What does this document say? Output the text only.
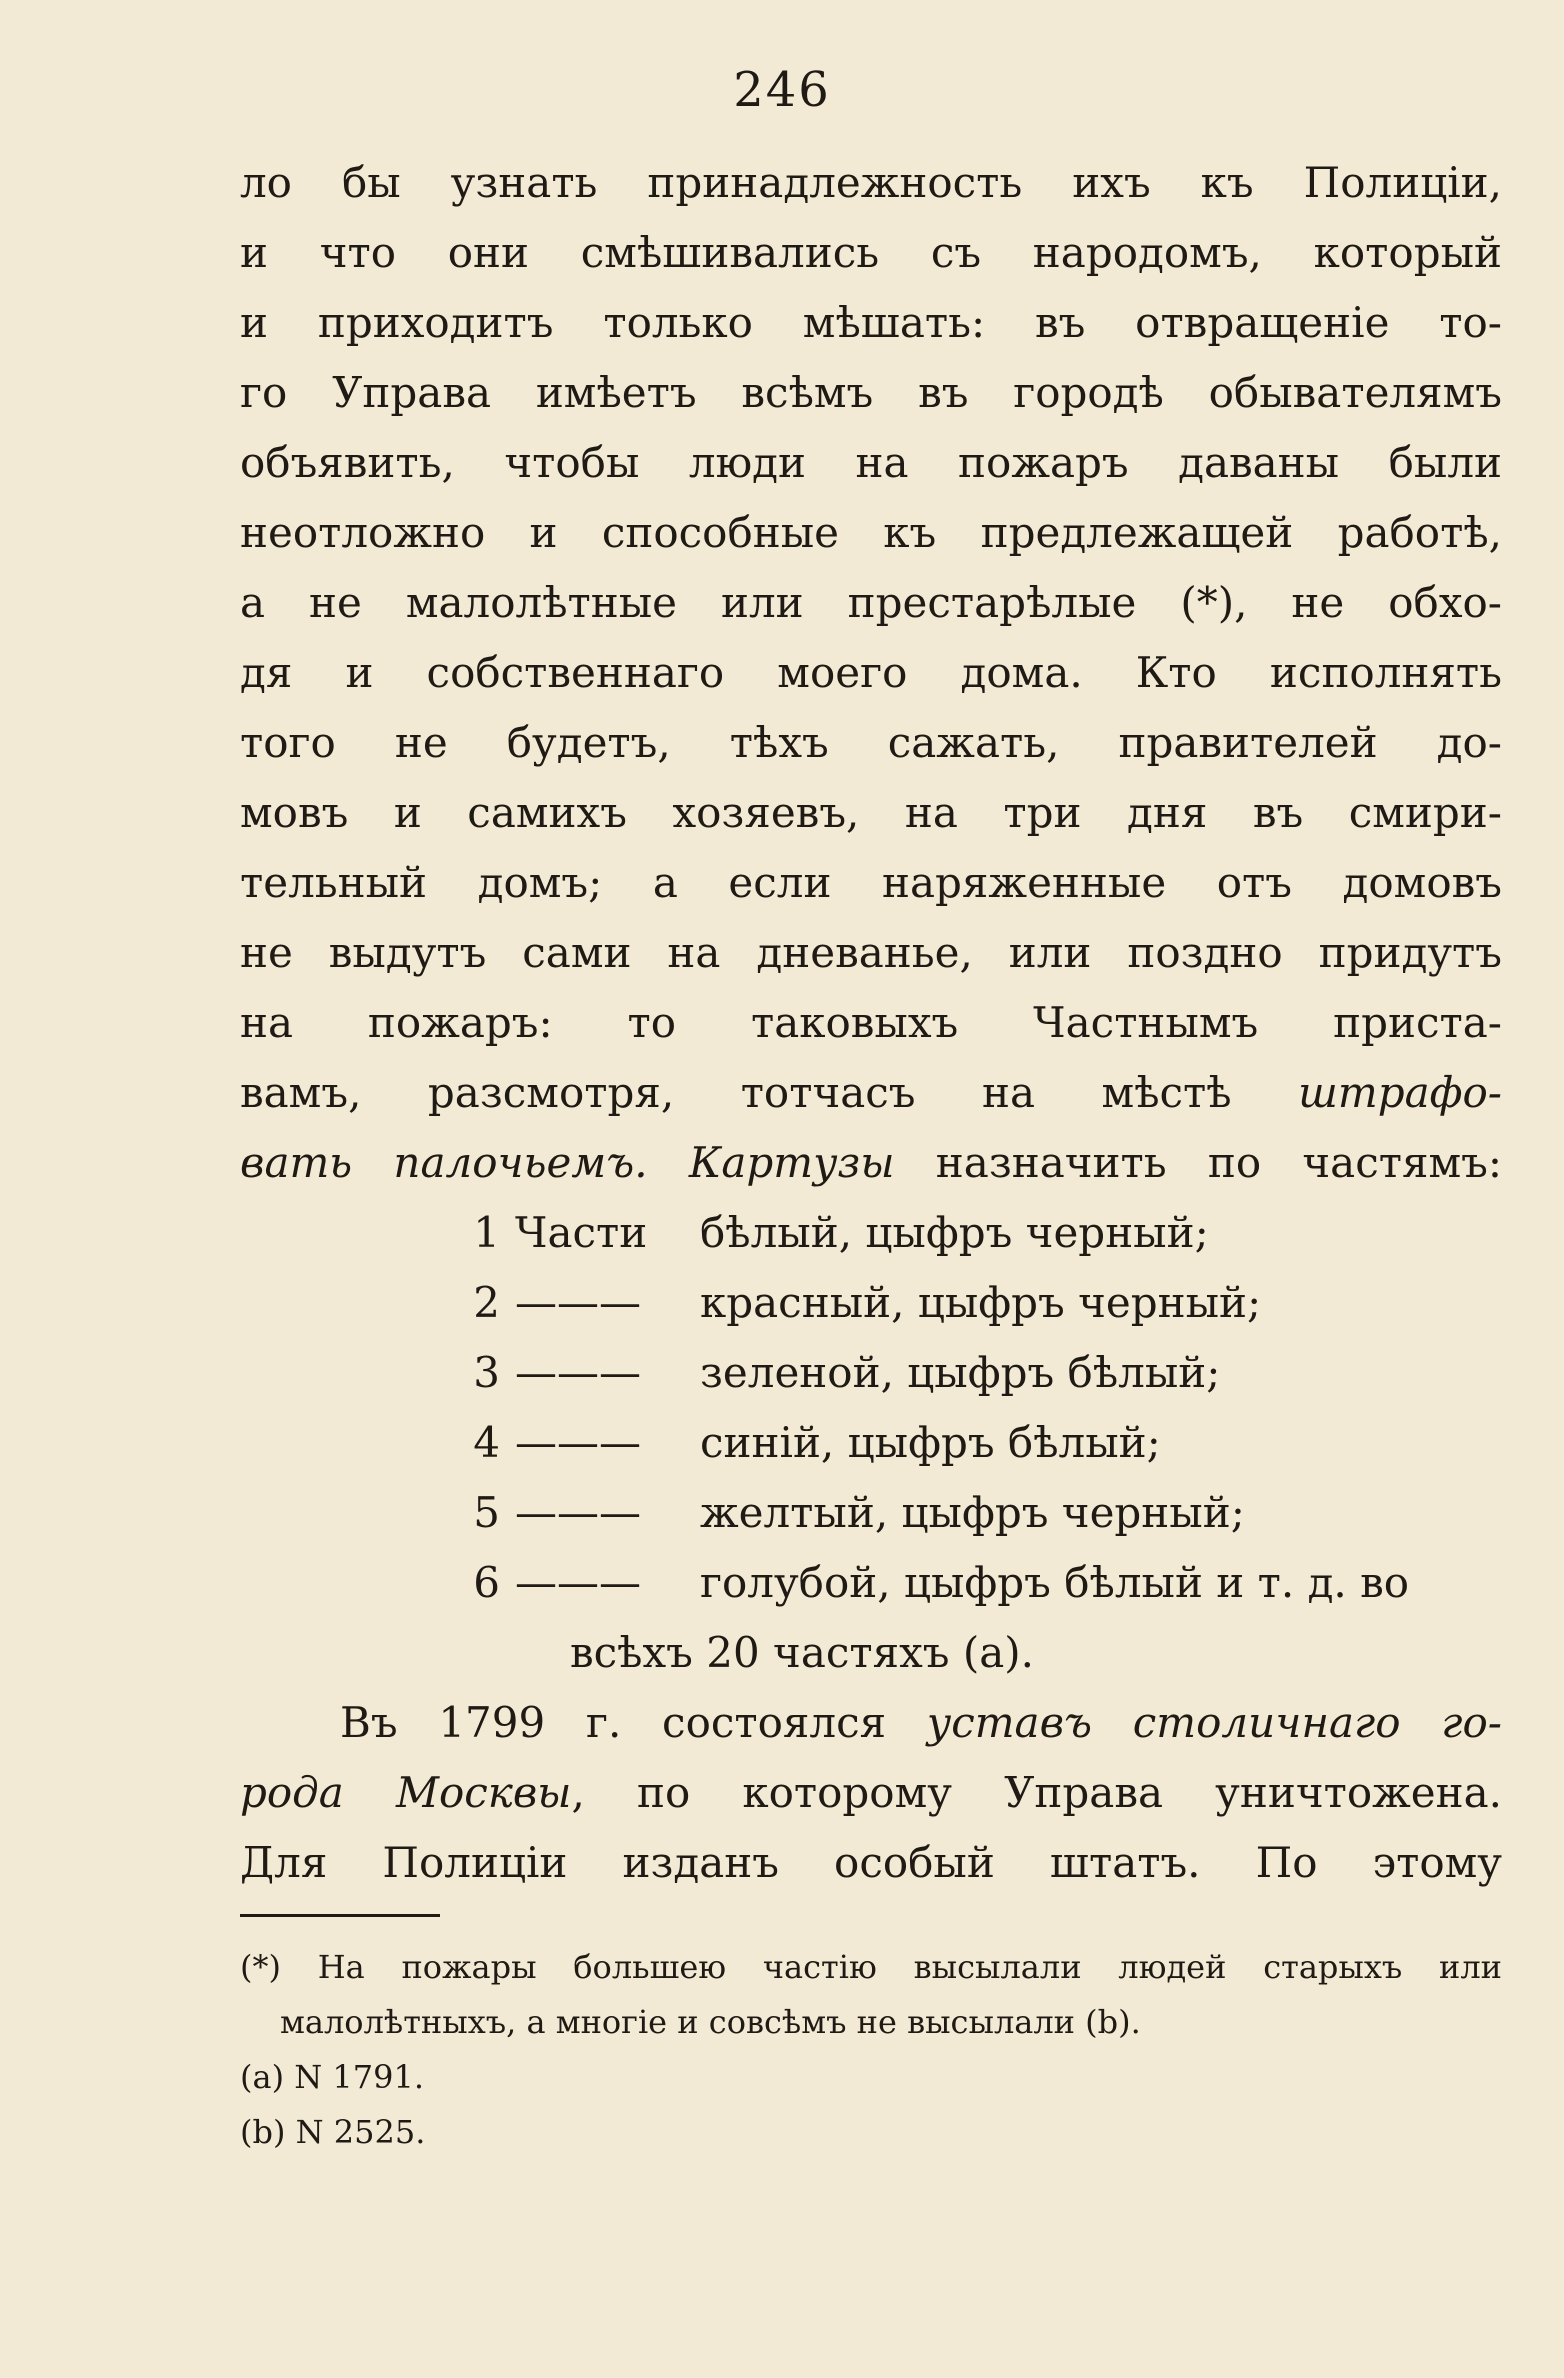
246
ло бы узнать принадлежность ихъ къ Полиціи,
и что они смѣшивались съ народомъ, который
и приходитъ только мѣшать: въ отвращеніе то-
го Управа имѣетъ всѣмъ въ городѣ обывателямъ
объявить, чтобы люди на пожаръ даваны были
неотложно и способные къ предлежащей работѣ,
а не малолѣтные или престарѣлые (*), не обхо-
дя и собственнаго моего дома. Кто исполнять
того не будетъ, тѣхъ сажать, правителей до-
мовъ и самихъ хозяевъ, на три дня въ смири-
тельный домъ; а если наряженные отъ домовъ
не выдутъ сами на дневанье, или поздно придутъ
на пожаръ: то таковыхъ Частнымъ приста-
вамъ, разсмотря, тотчасъ на мѣстѣ штрафо-
вать палочьемъ. Картузы назначить по частямъ:
1 Части бѣлый, цыфръ черный;
2 ——— красный, цыфръ черный;
3 ——— зеленой, цыфръ бѣлый;
4 ——— синій, цыфръ бѣлый;
5 ——— желтый, цыфръ черный;
6 ——— голубой, цыфръ бѣлый и т. д. во
всѣхъ 20 частяхъ (a).
Въ 1799 г. состоялся уставъ столичнаго го-
рода Москвы, по которому Управа уничтожена.
Для Полиціи изданъ особый штатъ. По этому
(*) На пожары большею частію высылали людей старыхъ или
малолѣтныхъ, а многіе и совсѣмъ не высылали (b).
(a) N 1791.
(b) N 2525.
